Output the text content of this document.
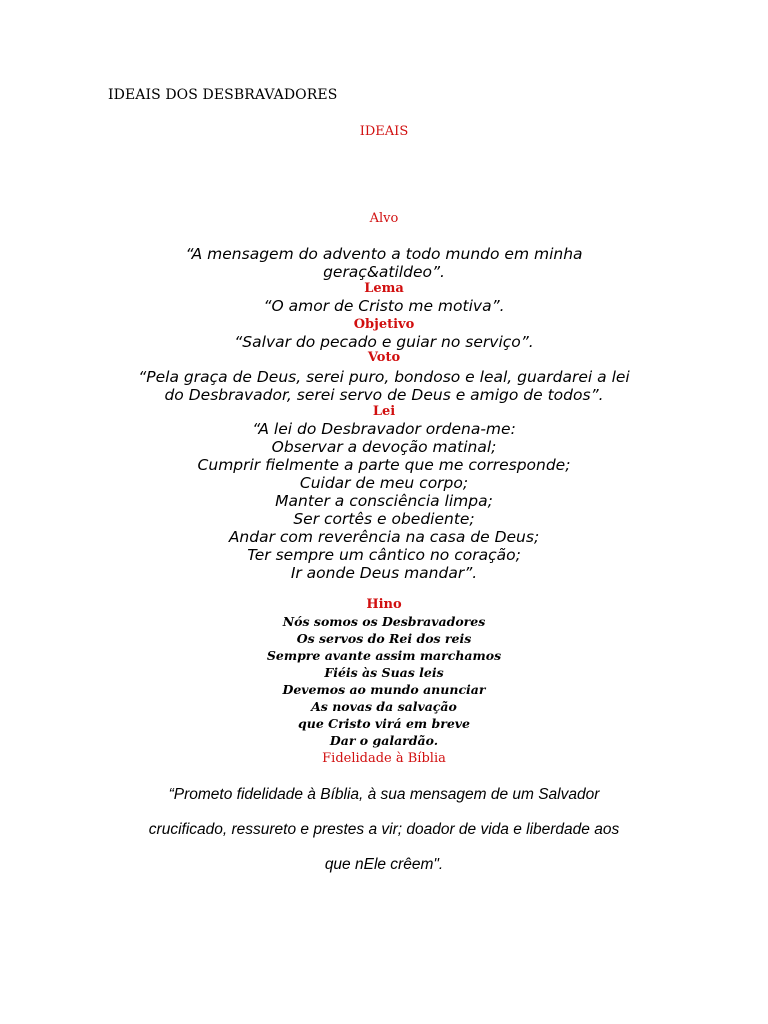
IDEAIS DOS DESBRAVADORES
IDEAIS
Alvo
“A mensagem do advento a todo mundo em minha
geraç&atildeo”.
Lema
“O amor de Cristo me motiva”.
Objetivo
“Salvar do pecado e guiar no serviço”.
Voto
“Pela graça de Deus, serei puro, bondoso e leal, guardarei a lei
do Desbravador, serei servo de Deus e amigo de todos”.
Lei
“A lei do Desbravador ordena-me:
Observar a devoção matinal;
Cumprir fielmente a parte que me corresponde;
Cuidar de meu corpo;
Manter a consciência limpa;
Ser cortês e obediente;
Andar com reverência na casa de Deus;
Ter sempre um cântico no coração;
Ir aonde Deus mandar”.
Hino
Nós somos os Desbravadores
Os servos do Rei dos reis
Sempre avante assim marchamos
Fiéis às Suas leis
Devemos ao mundo anunciar
As novas da salvação
que Cristo virá em breve
Dar o galardão.
Fidelidade à Bíblia
“Prometo fidelidade à Bíblia, à sua mensagem de um Salvador
crucificado, ressureto e prestes a vir; doador de vida e liberdade aos
que nEle crêem".
